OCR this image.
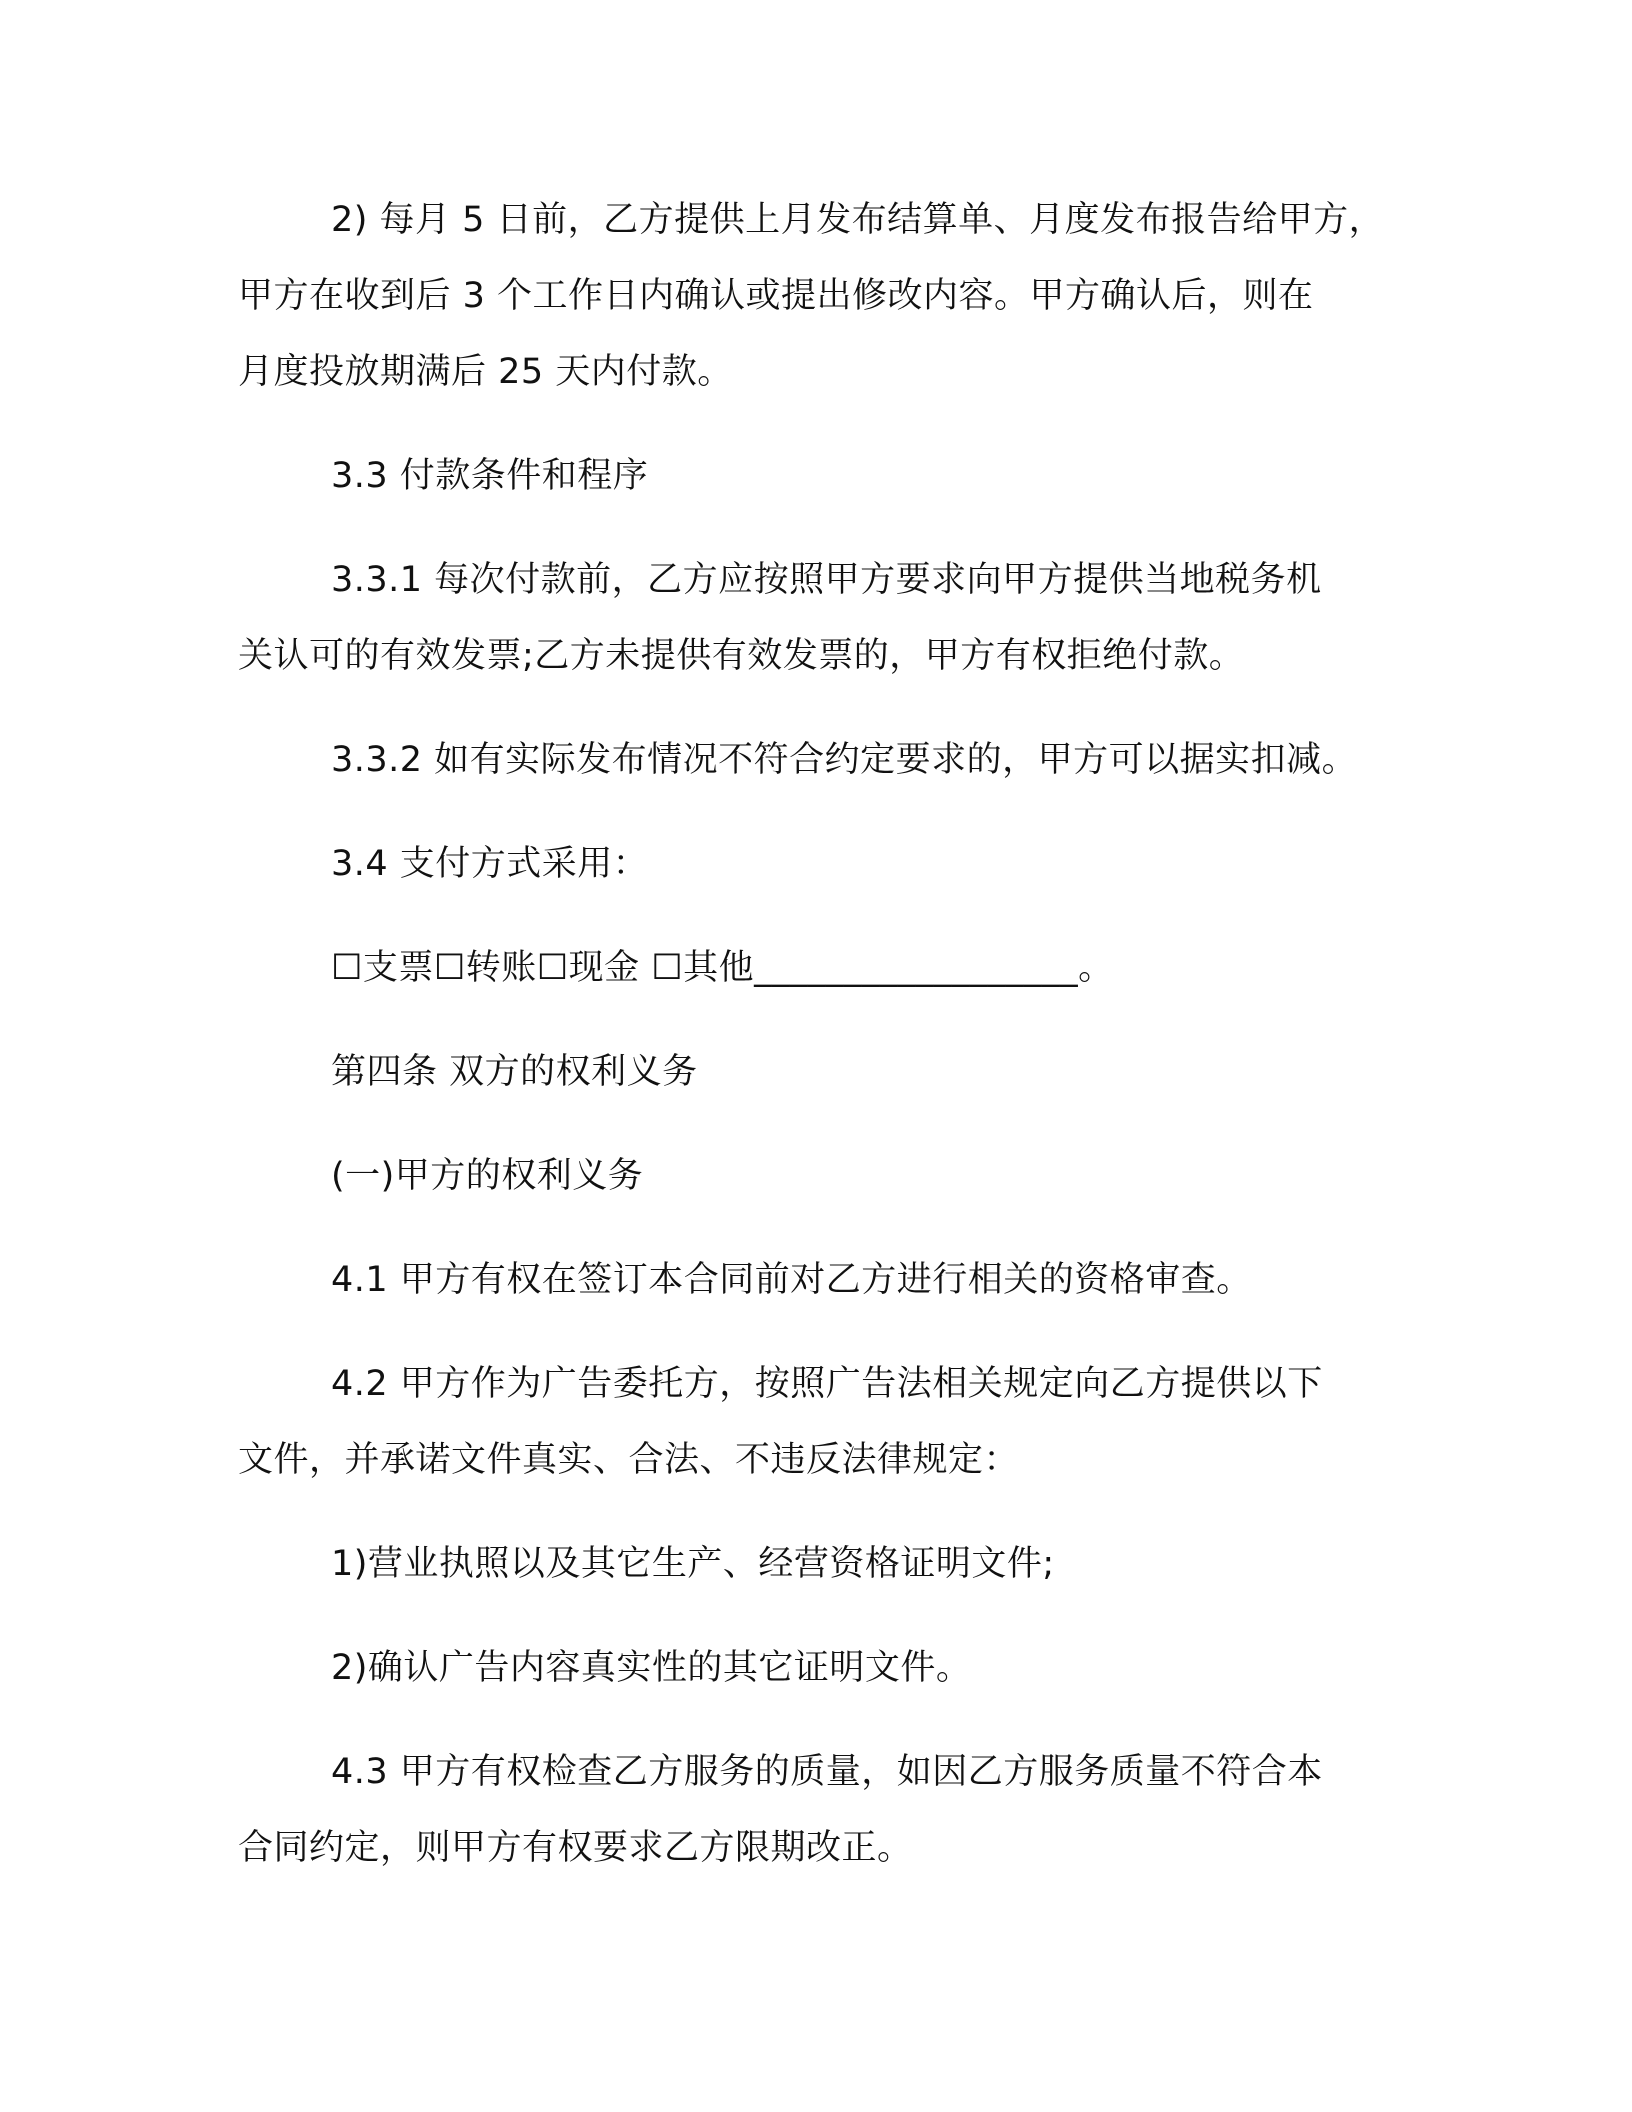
2) 每月 5 日前，乙方提供上月发布结算单、月度发布报告给甲方，
甲方在收到后 3 个工作日内确认或提出修改内容。甲方确认后，则在
月度投放期满后 25 天内付款。
3.3 付款条件和程序
3.3.1 每次付款前，乙方应按照甲方要求向甲方提供当地税务机
关认可的有效发票;乙方未提供有效发票的，甲方有权拒绝付款。
3.3.2 如有实际发布情况不符合约定要求的，甲方可以据实扣减。
3.4 支付方式采用：
☐支票☐转账☐现金 ☐其他__________________。
第四条 双方的权利义务
(一)甲方的权利义务
4.1 甲方有权在签订本合同前对乙方进行相关的资格审查。
4.2 甲方作为广告委托方，按照广告法相关规定向乙方提供以下
文件，并承诺文件真实、合法、不违反法律规定：
1)营业执照以及其它生产、经营资格证明文件;
2)确认广告内容真实性的其它证明文件。
4.3 甲方有权检查乙方服务的质量，如因乙方服务质量不符合本
合同约定，则甲方有权要求乙方限期改正。
